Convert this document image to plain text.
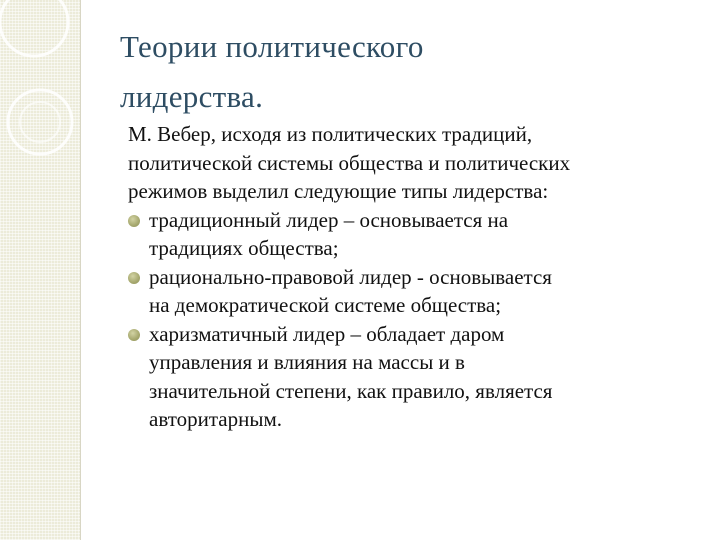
Теории политического
лидерства.

М. Вебер, исходя из политических традиций,
политической системы общества и политических
режимов выделил следующие типы лидерства:

традиционный лидер – основывается на
традициях общества;
рационально-правовой лидер - основывается
на демократической системе общества;
харизматичный лидер – обладает даром
управления и влияния на массы и в
значительной степени, как правило, является
авторитарным.
